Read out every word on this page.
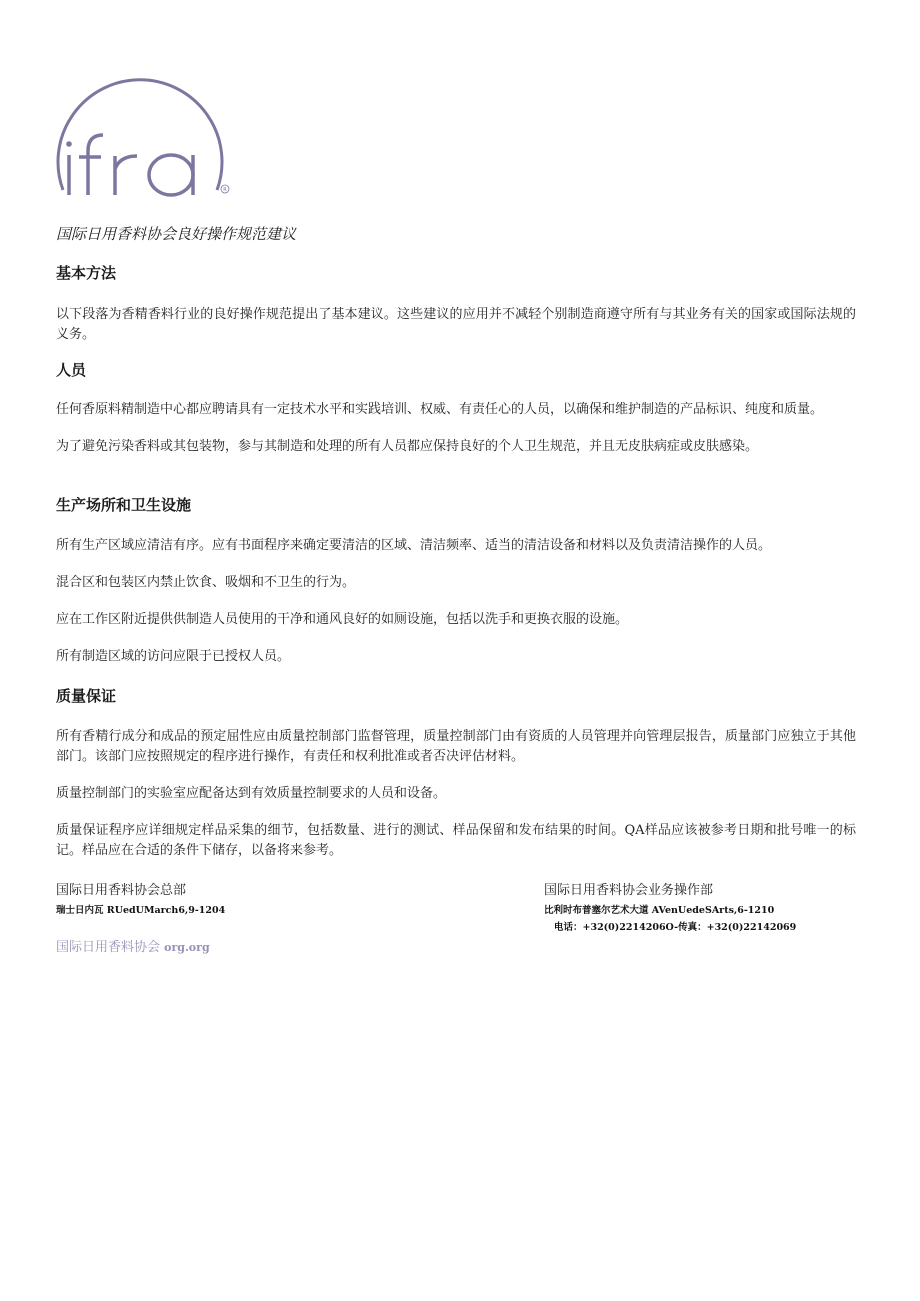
R
国际日用香料协会良好操作规范建议
基本方法

以下段落为香精香料行业的良好操作规范提出了基本建议。这些建议的应用并不减轻个别制造商遵守所有与其业务有关的国家或国际法规的义务。

人员

任何香原料精制造中心都应聘请具有一定技术水平和实践培训、权威、有责任心的人员，以确保和维护制造的产品标识、纯度和质量。

为了避免污染香料或其包装物，参与其制造和处理的所有人员都应保持良好的个人卫生规范，并且无皮肤病症或皮肤感染。

生产场所和卫生设施

所有生产区域应清洁有序。应有书面程序来确定要清洁的区域、清洁频率、适当的清洁设备和材料以及负责清洁操作的人员。

混合区和包装区内禁止饮食、吸烟和不卫生的行为。

应在工作区附近提供供制造人员使用的干净和通风良好的如厕设施，包括以洗手和更换衣服的设施。

所有制造区域的访问应限于已授权人员。

质量保证

所有香精行成分和成品的预定屈性应由质量控制部门监督管理，质量控制部门由有资质的人员管理并向管理层报告，质量部门应独立于其他部门。该部门应按照规定的程序进行操作，有责任和权利批准或者否决评估材料。

质量控制部门的实验室应配备达到有效质量控制要求的人员和设备。

质量保证程序应详细规定样品采集的细节，包括数量、进行的测试、样品保留和发布结果的时间。QA样品应该被参考日期和批号唯一的标记。样品应在合适的条件下储存，以备将来参考。

国际日用香料协会总部
瑞士日内瓦 RUedUMarch6,9-1204
国际日用香料协会业务操作部
比利时布普塞尔艺术大道 AVenUedeSArts,6-1210
电话：+32(0)2214206O-传真：+32(0)22142069
国际日用香料协会 org.org
